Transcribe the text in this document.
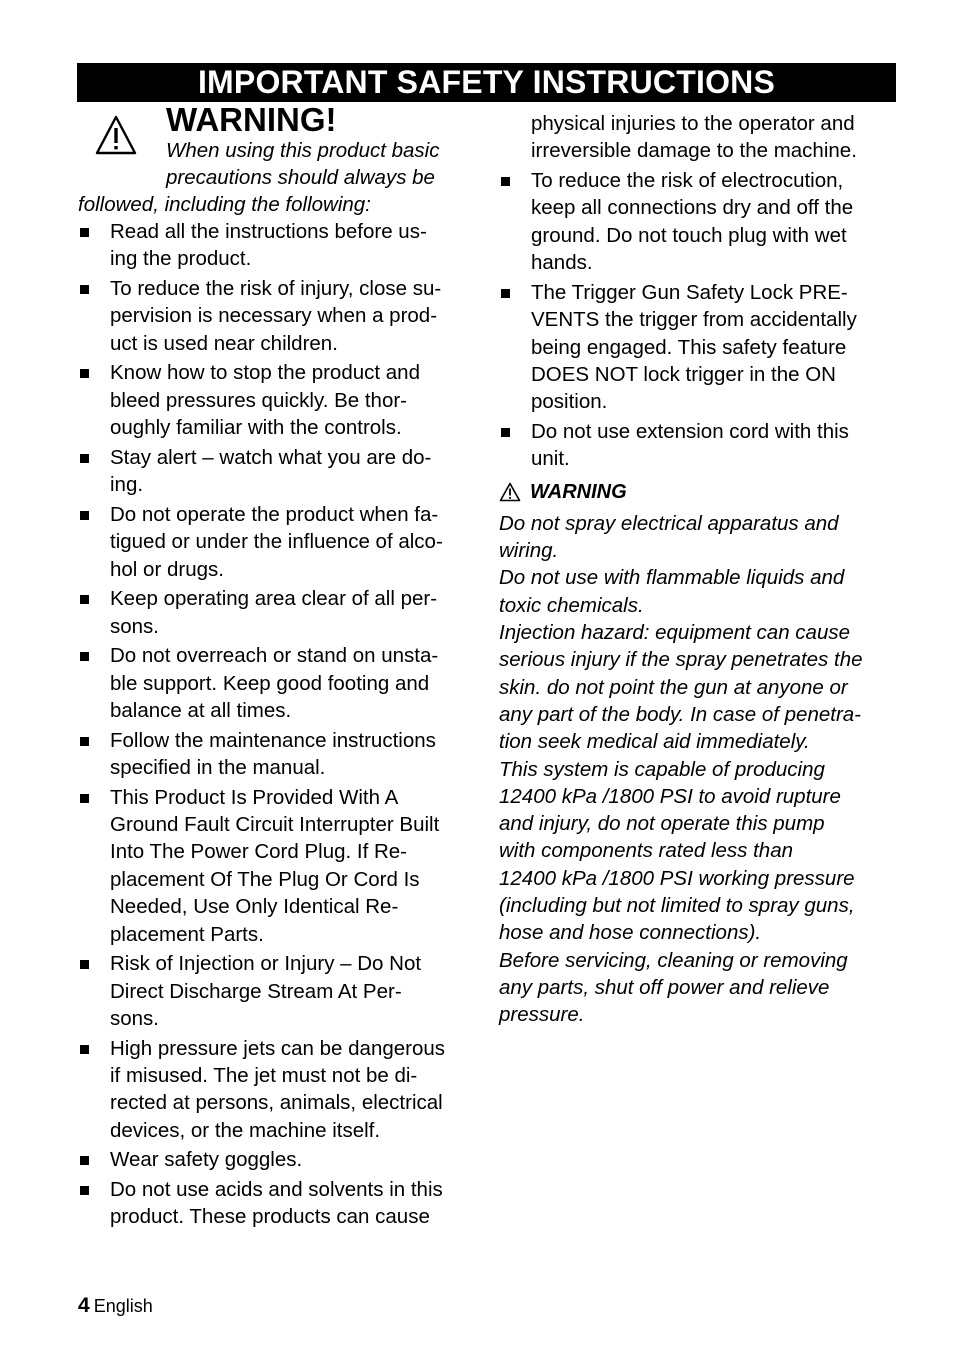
IMPORTANT SAFETY INSTRUCTIONS
WARNING!
When using this product basic
precautions should always be
followed, including the following:
Read all the instructions before us-
ing the product.
To reduce the risk of injury, close su-
pervision is necessary when a prod-
uct is used near children.
Know how to stop the product and
bleed pressures quickly. Be thor-
oughly familiar with the controls.
Stay alert – watch what you are do-
ing.
Do not operate the product when fa-
tigued or under the influence of alco-
hol or drugs.
Keep operating area clear of all per-
sons.
Do not overreach or stand on unsta-
ble support. Keep good footing and
balance at all times.
Follow the maintenance instructions
specified in the manual.
This Product Is Provided With A
Ground Fault Circuit Interrupter Built
Into The Power Cord Plug. If Re-
placement Of The Plug Or Cord Is
Needed, Use Only Identical Re-
placement Parts.
Risk of Injection or Injury – Do Not
Direct Discharge Stream At Per-
sons.
High pressure jets can be dangerous
if misused. The jet must not be di-
rected at persons, animals, electrical
devices, or the machine itself.
Wear safety goggles.
Do not use acids and solvents in this
product. These products can cause
physical injuries to the operator and
irreversible damage to the machine.
To reduce the risk of electrocution,
keep all connections dry and off the
ground. Do not touch plug with wet
hands.
The Trigger Gun Safety Lock PRE-
VENTS the trigger from accidentally
being engaged. This safety feature
DOES NOT lock trigger in the ON
position.
Do not use extension cord with this
unit.
WARNING
Do not spray electrical apparatus and
wiring.
Do not use with flammable liquids and
toxic chemicals.
Injection hazard: equipment can cause
serious injury if the spray penetrates the
skin. do not point the gun at anyone or
any part of the body. In case of penetra-
tion seek medical aid immediately.
This system is capable of producing
12400 kPa /1800 PSI to avoid rupture
and injury, do not operate this pump
with components rated less than
12400 kPa /1800 PSI working pressure
(including but not limited to spray guns,
hose and hose connections).
Before servicing, cleaning or removing
any parts, shut off power and relieve
pressure.
4 English
